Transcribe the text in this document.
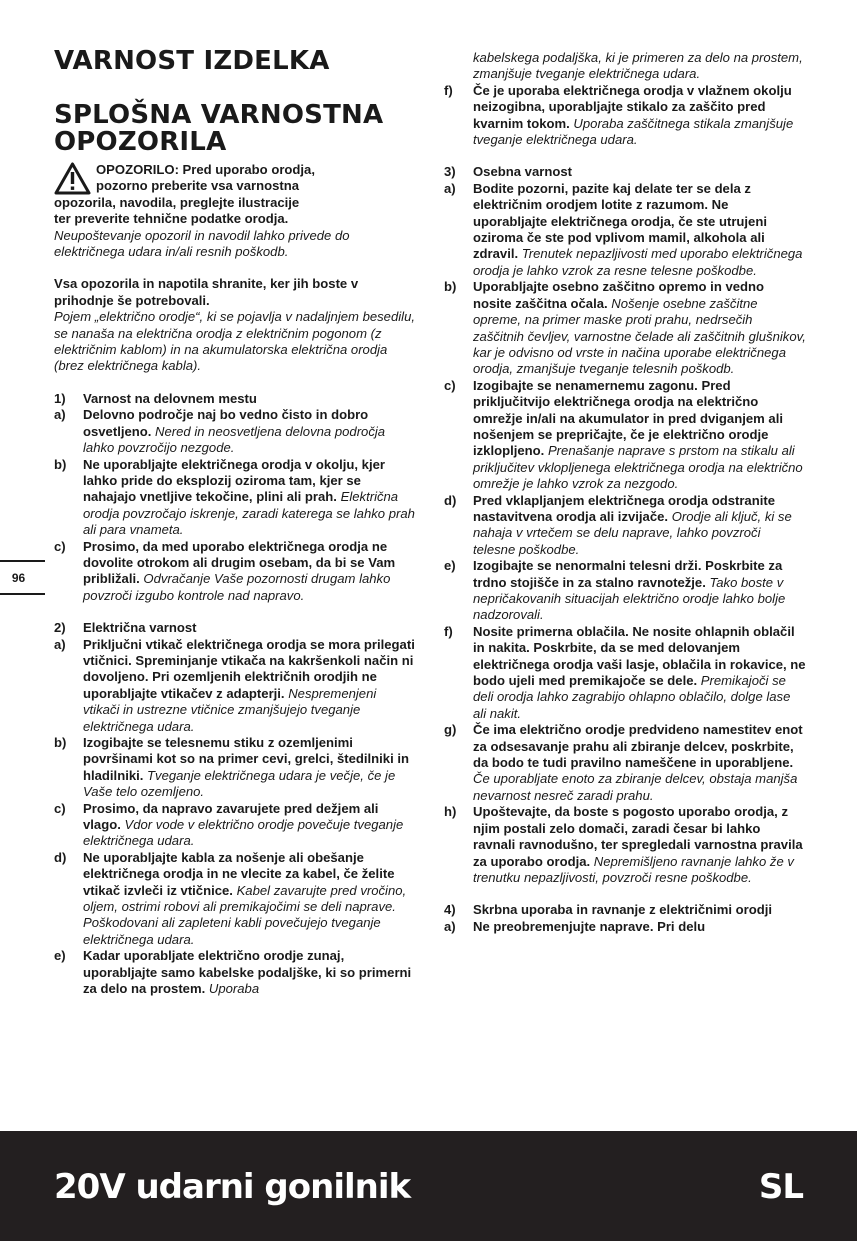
VARNOST IZDELKA
SPLOŠNA VARNOSTNA
OPOZORILA

OPOZORILO: Pred uporabo orodja,

pozorno preberite vsa varnostna

opozorila, navodila, preglejte ilustracije

ter preverite tehnične podatke orodja.

Neupoštevanje opozoril in navodil lahko privede do električnega udara in/ali resnih poškodb.

Vsa opozorila in napotila shranite, ker jih boste v prihodnje še potrebovali.

Pojem „električno orodje“, ki se pojavlja v nadaljnjem besedilu, se nanaša na električna orodja z električnim pogonom (z električnim kablom) in na akumulatorska električna orodja (brez električnega kabla).

1)	Varnost na delovnem mestu
a)	Delovno področje naj bo vedno čisto in dobro osvetljeno. Nered in neosvetljena delovna področja lahko povzročijo nezgode.
b)	Ne uporabljajte električnega orodja v okolju, kjer lahko pride do eksplozij oziroma tam, kjer se nahajajo vnetljive tekočine, plini ali prah. Električna orodja povzročajo iskrenje, zaradi katerega se lahko prah ali para vnameta.
c)	Prosimo, da med uporabo električnega orodja ne dovolite otrokom ali drugim osebam, da bi se Vam približali. Odvračanje Vaše pozornosti drugam lahko povzroči izgubo kontrole nad napravo.
2)	Električna varnost
a)	Priključni vtikač električnega orodja se mora prilegati vtičnici. Spreminjanje vtikača na kakršenkoli način ni dovoljeno. Pri ozemljenih električnih orodjih ne uporabljajte vtikačev z adapterji. Nespremenjeni vtikači in ustrezne vtičnice zmanjšujejo tveganje električnega udara.
b)	Izogibajte se telesnemu stiku z ozemljenimi površinami kot so na primer cevi, grelci, štedilniki in hladilniki. Tveganje električnega udara je večje, če je Vaše telo ozemljeno.
c)	Prosimo, da napravo zavarujete pred dežjem ali vlago. Vdor vode v električno orodje povečuje tveganje električnega udara.
d)	Ne uporabljajte kabla za nošenje ali obešanje električnega orodja in ne vlecite za kabel, če želite vtikač izvleči iz vtičnice. Kabel zavarujte pred vročino, oljem, ostrimi robovi ali premikajočimi se deli naprave. Poškodovani ali zapleteni kabli povečujejo tveganje električnega udara.
e)	Kadar uporabljate električno orodje zunaj, uporabljajte samo kabelske podaljške, ki so primerni za delo na prostem. Uporaba
kabelskega podaljška, ki je primeren za delo na prostem, zmanjšuje tveganje električnega udara.
f)	Če je uporaba električnega orodja v vlažnem okolju neizogibna, uporabljajte stikalo za zaščito pred kvarnim tokom. Uporaba zaščitnega stikala zmanjšuje tveganje električnega udara.
3)	Osebna varnost
a)	Bodite pozorni, pazite kaj delate ter se dela z električnim orodjem lotite z razumom. Ne uporabljajte električnega orodja, če ste utrujeni oziroma če ste pod vplivom mamil, alkohola ali zdravil. Trenutek nepazljivosti med uporabo električnega orodja je lahko vzrok za resne telesne poškodbe.
b)	Uporabljajte osebno zaščitno opremo in vedno nosite zaščitna očala. Nošenje osebne zaščitne opreme, na primer maske proti prahu, nedrsečih zaščitnih čevljev, varnostne čelade ali zaščitnih glušnikov, kar je odvisno od vrste in načina uporabe električnega orodja, zmanjšuje tveganje telesnih poškodb.
c)	Izogibajte se nenamernemu zagonu. Pred priključitvijo električnega orodja na električno omrežje in/ali na akumulator in pred dviganjem ali nošenjem se prepričajte, če je električno orodje izklopljeno. Prenašanje naprave s prstom na stikalu ali priključitev vklopljenega električnega orodja na električno omrežje je lahko vzrok za nezgodo.
d)	Pred vklapljanjem električnega orodja odstranite nastavitvena orodja ali izvijače. Orodje ali ključ, ki se nahaja v vrtečem se delu naprave, lahko povzroči telesne poškodbe.
e)	Izogibajte se nenormalni telesni drži. Poskrbite za trdno stojišče in za stalno ravnotežje. Tako boste v nepričakovanih situacijah električno orodje lahko bolje nadzorovali.
f)	Nosite primerna oblačila. Ne nosite ohlapnih oblačil in nakita. Poskrbite, da se med delovanjem električnega orodja vaši lasje, oblačila in rokavice, ne bodo ujeli med premikajoče se dele. Premikajoči se deli orodja lahko zagrabijo ohlapno oblačilo, dolge lase ali nakit.
g)	Če ima električno orodje predvideno namestitev enot za odsesavanje prahu ali zbiranje delcev, poskrbite, da bodo te tudi pravilno nameščene in uporabljene. Če uporabljate enoto za zbiranje delcev, obstaja manjša nevarnost nesreč zaradi prahu.
h)	Upoštevajte, da boste s pogosto uporabo orodja, z njim postali zelo domači, zaradi česar bi lahko ravnali ravnodušno, ter spregledali varnostna pravila za uporabo orodja. Nepremišljeno ravnanje lahko že v trenutku nepazljivosti, povzroči resne poškodbe.
4)	Skrbna uporaba in ravnanje z električnimi orodji
a)	Ne preobremenjujte naprave. Pri delu
96
20V udarni gonilnik	SL
